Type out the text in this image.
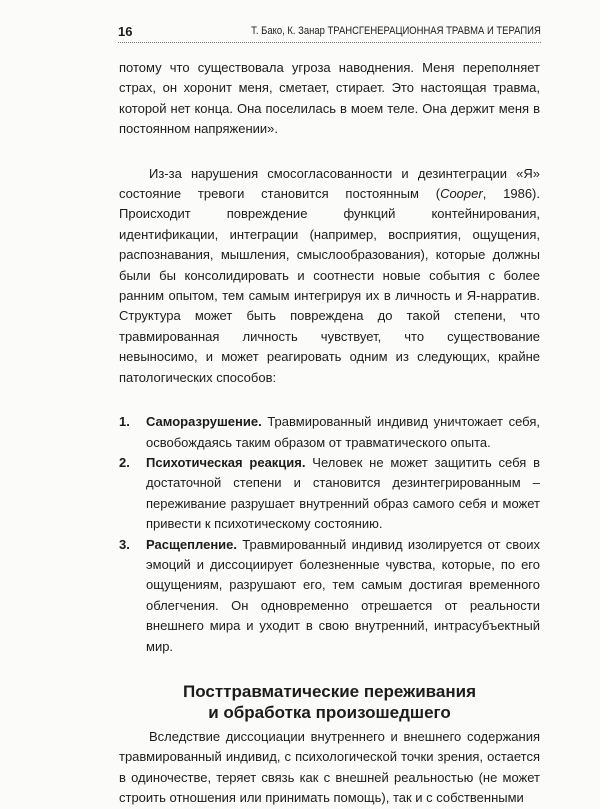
16	Т. Бако, К. Занар ТРАНСГЕНЕРАЦИОННАЯ ТРАВМА И ТЕРАПИЯ

потому что существовала угроза наводнения. Меня переполняет страх, он хоронит меня, сметает, стирает. Это настоящая травма, которой нет конца. Она поселилась в моем теле. Она держит меня в постоянном напряжении».

Из-за нарушения смосогласованности и дезинтеграции «Я» состояние тревоги становится постоянным (Cooper, 1986). Происходит повреждение функций контейнирования, идентификации, интеграции (например, восприятия, ощущения, распознавания, мышления, смыслообразования), которые должны были бы консолидировать и соотнести новые события с более ранним опытом, тем самым интегрируя их в личность и Я-нарратив. Структура может быть повреждена до такой степени, что травмированная личность чувствует, что существование невыносимо, и может реагировать одним из следующих, крайне патологических способов:

1. Саморазрушение. Травмированный индивид уничтожает себя, освобождаясь таким образом от травматического опыта.
2. Психотическая реакция. Человек не может защитить себя в достаточной степени и становится дезинтегрированным – переживание разрушает внутренний образ самого себя и может привести к психотическому состоянию.
3. Расщепление. Травмированный индивид изолируется от своих эмоций и диссоциирует болезненные чувства, которые, по его ощущениям, разрушают его, тем самым достигая временного облегчения. Он одновременно отрешается от реальности внешнего мира и уходит в свою внутренний, интрасубъектный мир.
Посттравматические переживания
и обработка произошедшего

Вследствие диссоциации внутреннего и внешнего содержания травмированный индивид, с психологической точки зрения, остается в одиночестве, теряет связь как с внешней реальностью (не может строить отношения или принимать помощь), так и с собственными
